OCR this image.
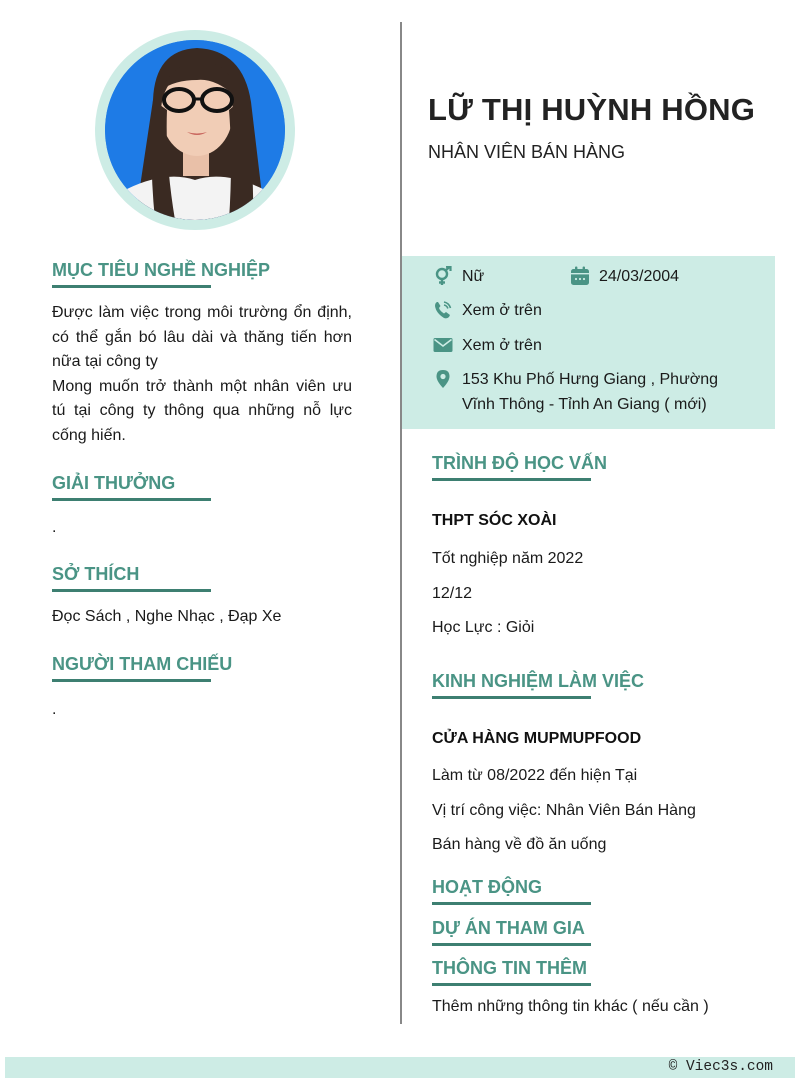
MỤC TIÊU NGHỀ NGHIỆP
Được làm việc trong môi trường ổn định, có thể gắn bó lâu dài và thăng tiến hơn nữa tại công ty
Mong muốn trở thành một nhân viên ưu tú tại công ty thông qua những nỗ lực cống hiến.
GIẢI THƯỞNG
.
SỞ THÍCH
Đọc Sách , Nghe Nhạc , Đạp Xe
NGƯỜI THAM CHIẾU
.
LỮ THỊ HUỲNH HỒNG
NHÂN VIÊN BÁN HÀNG
Nữ	24/03/2004
Xem ở trên
Xem ở trên
153 Khu Phố Hưng Giang , Phường
Vĩnh Thông - Tỉnh An Giang ( mới)
TRÌNH ĐỘ HỌC VẤN
THPT SÓC XOÀI
Tốt nghiệp năm 2022
12/12
Học Lực : Giỏi
KINH NGHIỆM LÀM VIỆC
CỬA HÀNG MUPMUPFOOD
Làm từ 08/2022 đến hiện Tại
Vị trí công việc: Nhân Viên Bán Hàng
Bán hàng về đồ ăn uống
HOẠT ĐỘNG
DỰ ÁN THAM GIA
THÔNG TIN THÊM
Thêm những thông tin khác ( nếu cần )
© Viec3s.com
